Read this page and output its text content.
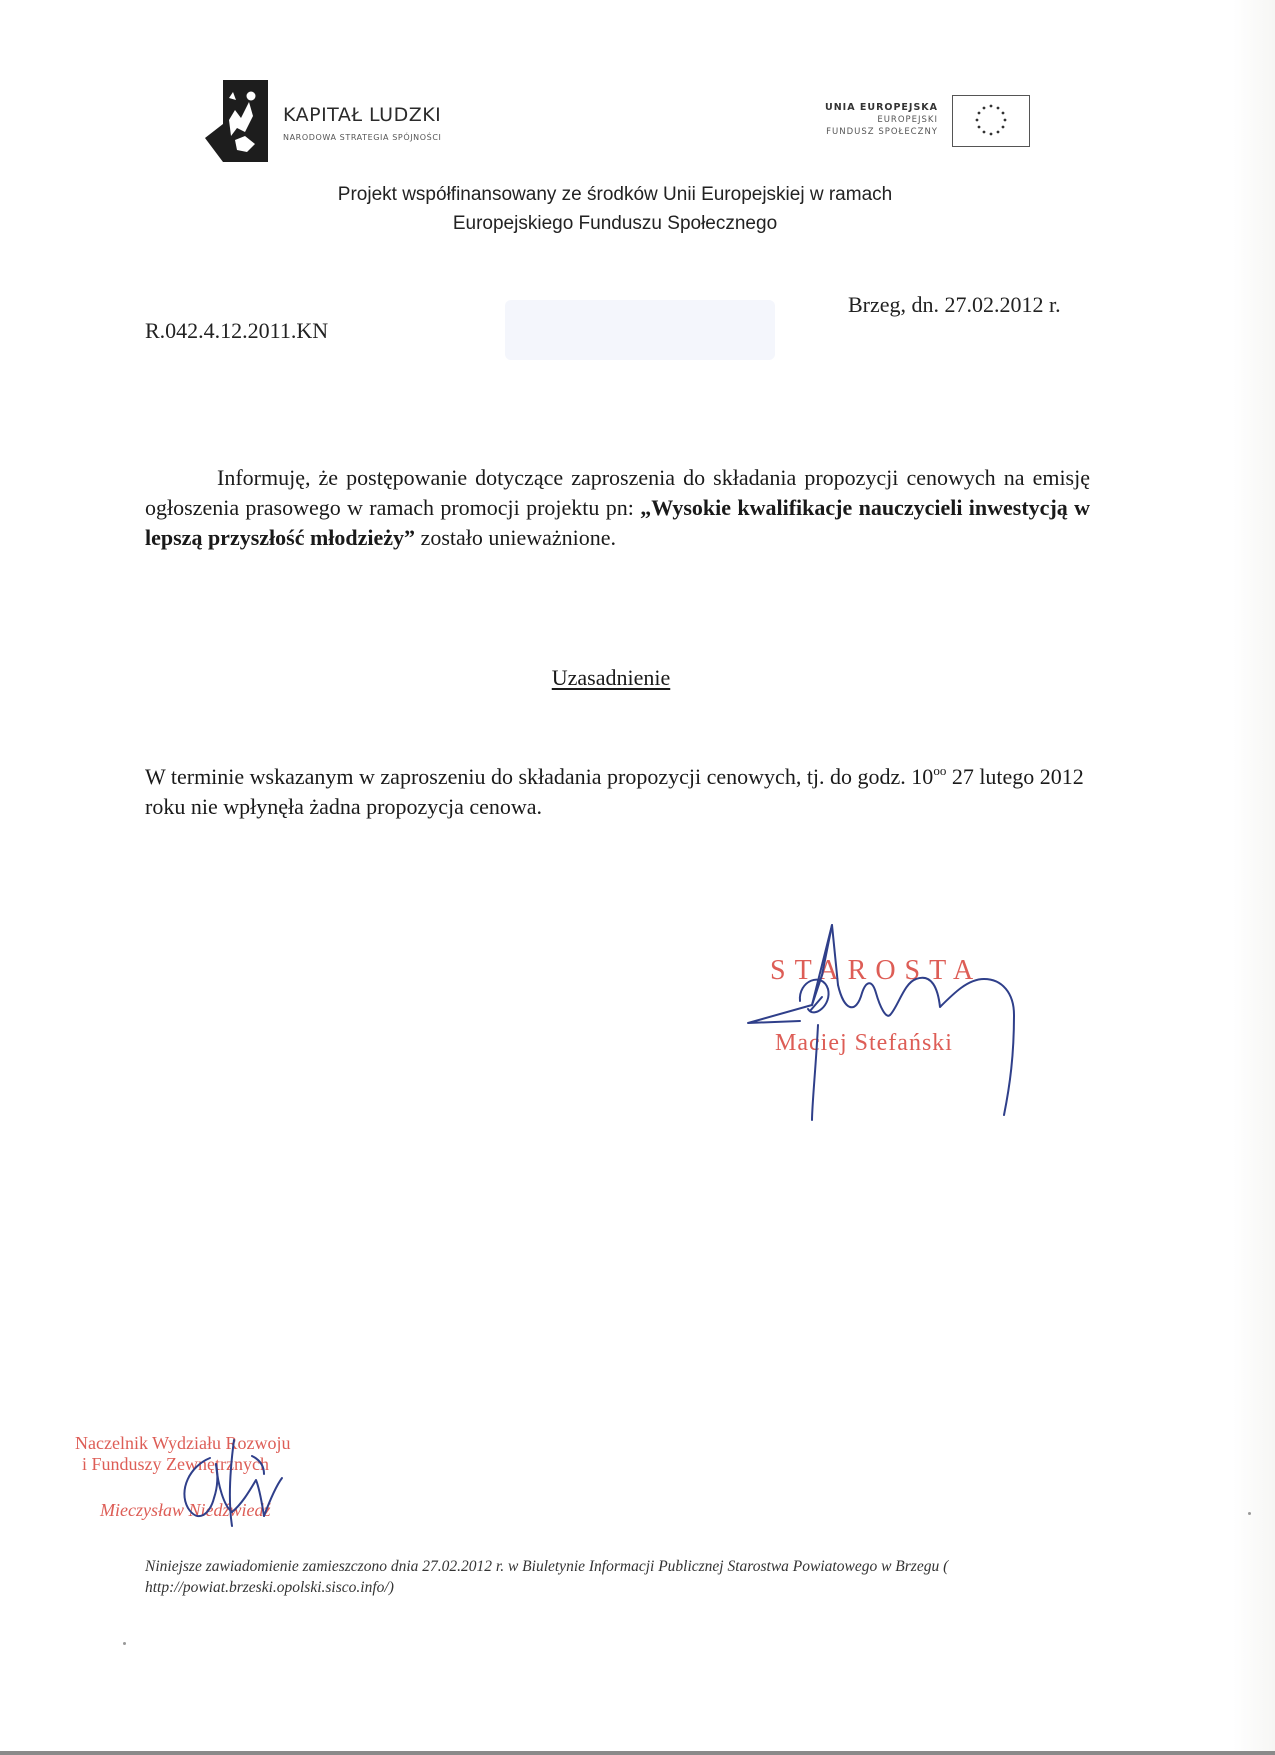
KAPITAŁ LUDZKI
NARODOWA STRATEGIA SPÓJNOŚCI
UNIA EUROPEJSKA
EUROPEJSKI
FUNDUSZ SPOŁECZNY
Projekt współfinansowany ze środków Unii Europejskiej w ramach
Europejskiego Funduszu Społecznego
Brzeg, dn. 27.02.2012 r.
R.042.4.12.2011.KN
Informuję, że postępowanie dotyczące zaproszenia do składania propozycji cenowych na emisję ogłoszenia prasowego w ramach promocji projektu pn: „Wysokie kwalifikacje nauczycieli inwestycją w lepszą przyszłość młodzieży” zostało unieważnione.
Uzasadnienie
W terminie wskazanym w zaproszeniu do składania propozycji cenowych, tj. do godz. $10^{oo}$ 27 lutego 2012 roku nie wpłynęła żadna propozycja cenowa.
STAROSTA
Maciej Stefański
Naczelnik Wydziału Rozwoju
i Funduszy Zewnętrznych
Mieczysław Niedźwiedź
Niniejsze zawiadomienie zamieszczono dnia 27.02.2012 r. w Biuletynie Informacji Publicznej Starostwa Powiatowego w Brzegu ( http://powiat.brzeski.opolski.sisco.info/)
